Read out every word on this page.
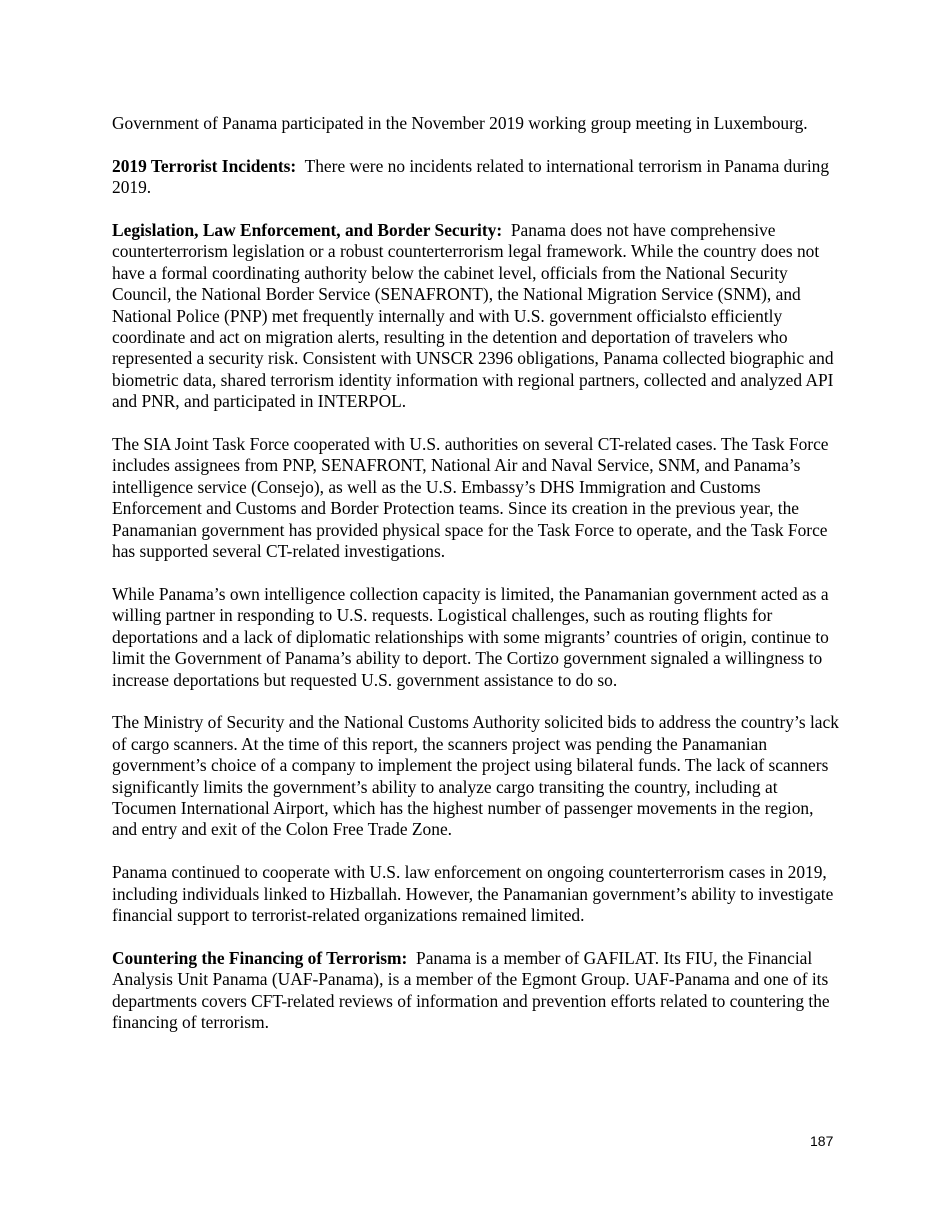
Government of Panama participated in the November 2019 working group meeting in Luxembourg.

2019 Terrorist Incidents: There were no incidents related to international terrorism in Panama during 2019.

Legislation, Law Enforcement, and Border Security: Panama does not have comprehensive counterterrorism legislation or a robust counterterrorism legal framework. While the country does not have a formal coordinating authority below the cabinet level, officials from the National Security Council, the National Border Service (SENAFRONT), the National Migration Service (SNM), and National Police (PNP) met frequently internally and with U.S. government officialsto efficiently coordinate and act on migration alerts, resulting in the detention and deportation of travelers who represented a security risk. Consistent with UNSCR 2396 obligations, Panama collected biographic and biometric data, shared terrorism identity information with regional partners, collected and analyzed API and PNR, and participated in INTERPOL.

The SIA Joint Task Force cooperated with U.S. authorities on several CT-related cases. The Task Force includes assignees from PNP, SENAFRONT, National Air and Naval Service, SNM, and Panama’s intelligence service (Consejo), as well as the U.S. Embassy’s DHS Immigration and Customs Enforcement and Customs and Border Protection teams. Since its creation in the previous year, the Panamanian government has provided physical space for the Task Force to operate, and the Task Force has supported several CT-related investigations.

While Panama’s own intelligence collection capacity is limited, the Panamanian government acted as a willing partner in responding to U.S. requests. Logistical challenges, such as routing flights for deportations and a lack of diplomatic relationships with some migrants’ countries of origin, continue to limit the Government of Panama’s ability to deport. The Cortizo government signaled a willingness to increase deportations but requested U.S. government assistance to do so.

The Ministry of Security and the National Customs Authority solicited bids to address the country’s lack of cargo scanners. At the time of this report, the scanners project was pending the Panamanian government’s choice of a company to implement the project using bilateral funds. The lack of scanners significantly limits the government’s ability to analyze cargo transiting the country, including at Tocumen International Airport, which has the highest number of passenger movements in the region, and entry and exit of the Colon Free Trade Zone.

Panama continued to cooperate with U.S. law enforcement on ongoing counterterrorism cases in 2019, including individuals linked to Hizballah. However, the Panamanian government’s ability to investigate financial support to terrorist-related organizations remained limited.

Countering the Financing of Terrorism: Panama is a member of GAFILAT. Its FIU, the Financial Analysis Unit Panama (UAF-Panama), is a member of the Egmont Group. UAF-Panama and one of its departments covers CFT-related reviews of information and prevention efforts related to countering the financing of terrorism.

187
